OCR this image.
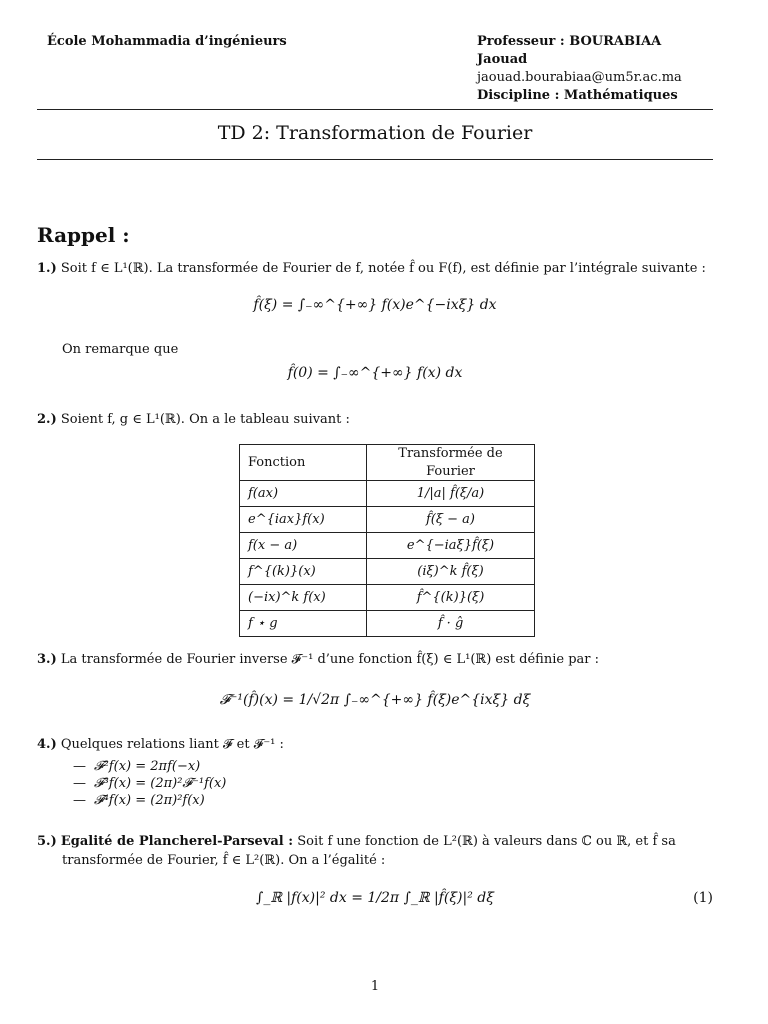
École Mohammadia d’ingénieurs	Professeur : BOURABIAA Jaouad
jaouad.bourabiaa@um5r.ac.ma
Discipline : Mathématiques
TD 2: Transformation de Fourier
Rappel :
1.) Soit f ∈ L¹(ℝ). La transformée de Fourier de f, notée f̂ ou F(f), est définie par l’intégrale suivante :
f̂(ξ) = ∫₋∞^{+∞} f(x)e^{−ixξ} dx
On remarque que
f̂(0) = ∫₋∞^{+∞} f(x) dx
2.) Soient f, g ∈ L¹(ℝ). On a le tableau suivant :
Fonction	Transformée de Fourier
f(ax)	1/|a| f̂(ξ/a)
e^{iax}f(x)	f̂(ξ − a)
f(x − a)	e^{−iaξ}f̂(ξ)
f^{(k)}(x)	(iξ)^k f̂(ξ)
(−ix)^k f(x)	f̂^{(k)}(ξ)
f ⋆ g	f̂ · ĝ
3.) La transformée de Fourier inverse 𝓕⁻¹ d’une fonction f̂(ξ) ∈ L¹(ℝ) est définie par :
𝓕⁻¹(f̂)(x) = 1/√2π ∫₋∞^{+∞} f̂(ξ)e^{ixξ} dξ
4.) Quelques relations liant 𝓕 et 𝓕⁻¹ :
— 𝓕²f(x) = 2πf(−x)
— 𝓕³f(x) = (2π)²𝓕⁻¹f(x)
— 𝓕⁴f(x) = (2π)²f(x)
5.) Egalité de Plancherel-Parseval : Soit f une fonction de L²(ℝ) à valeurs dans ℂ ou ℝ, et f̂ sa
transformée de Fourier, f̂ ∈ L²(ℝ). On a l’égalité :
∫_ℝ |f(x)|² dx = 1/2π ∫_ℝ |f̂(ξ)|² dξ	(1)
1
